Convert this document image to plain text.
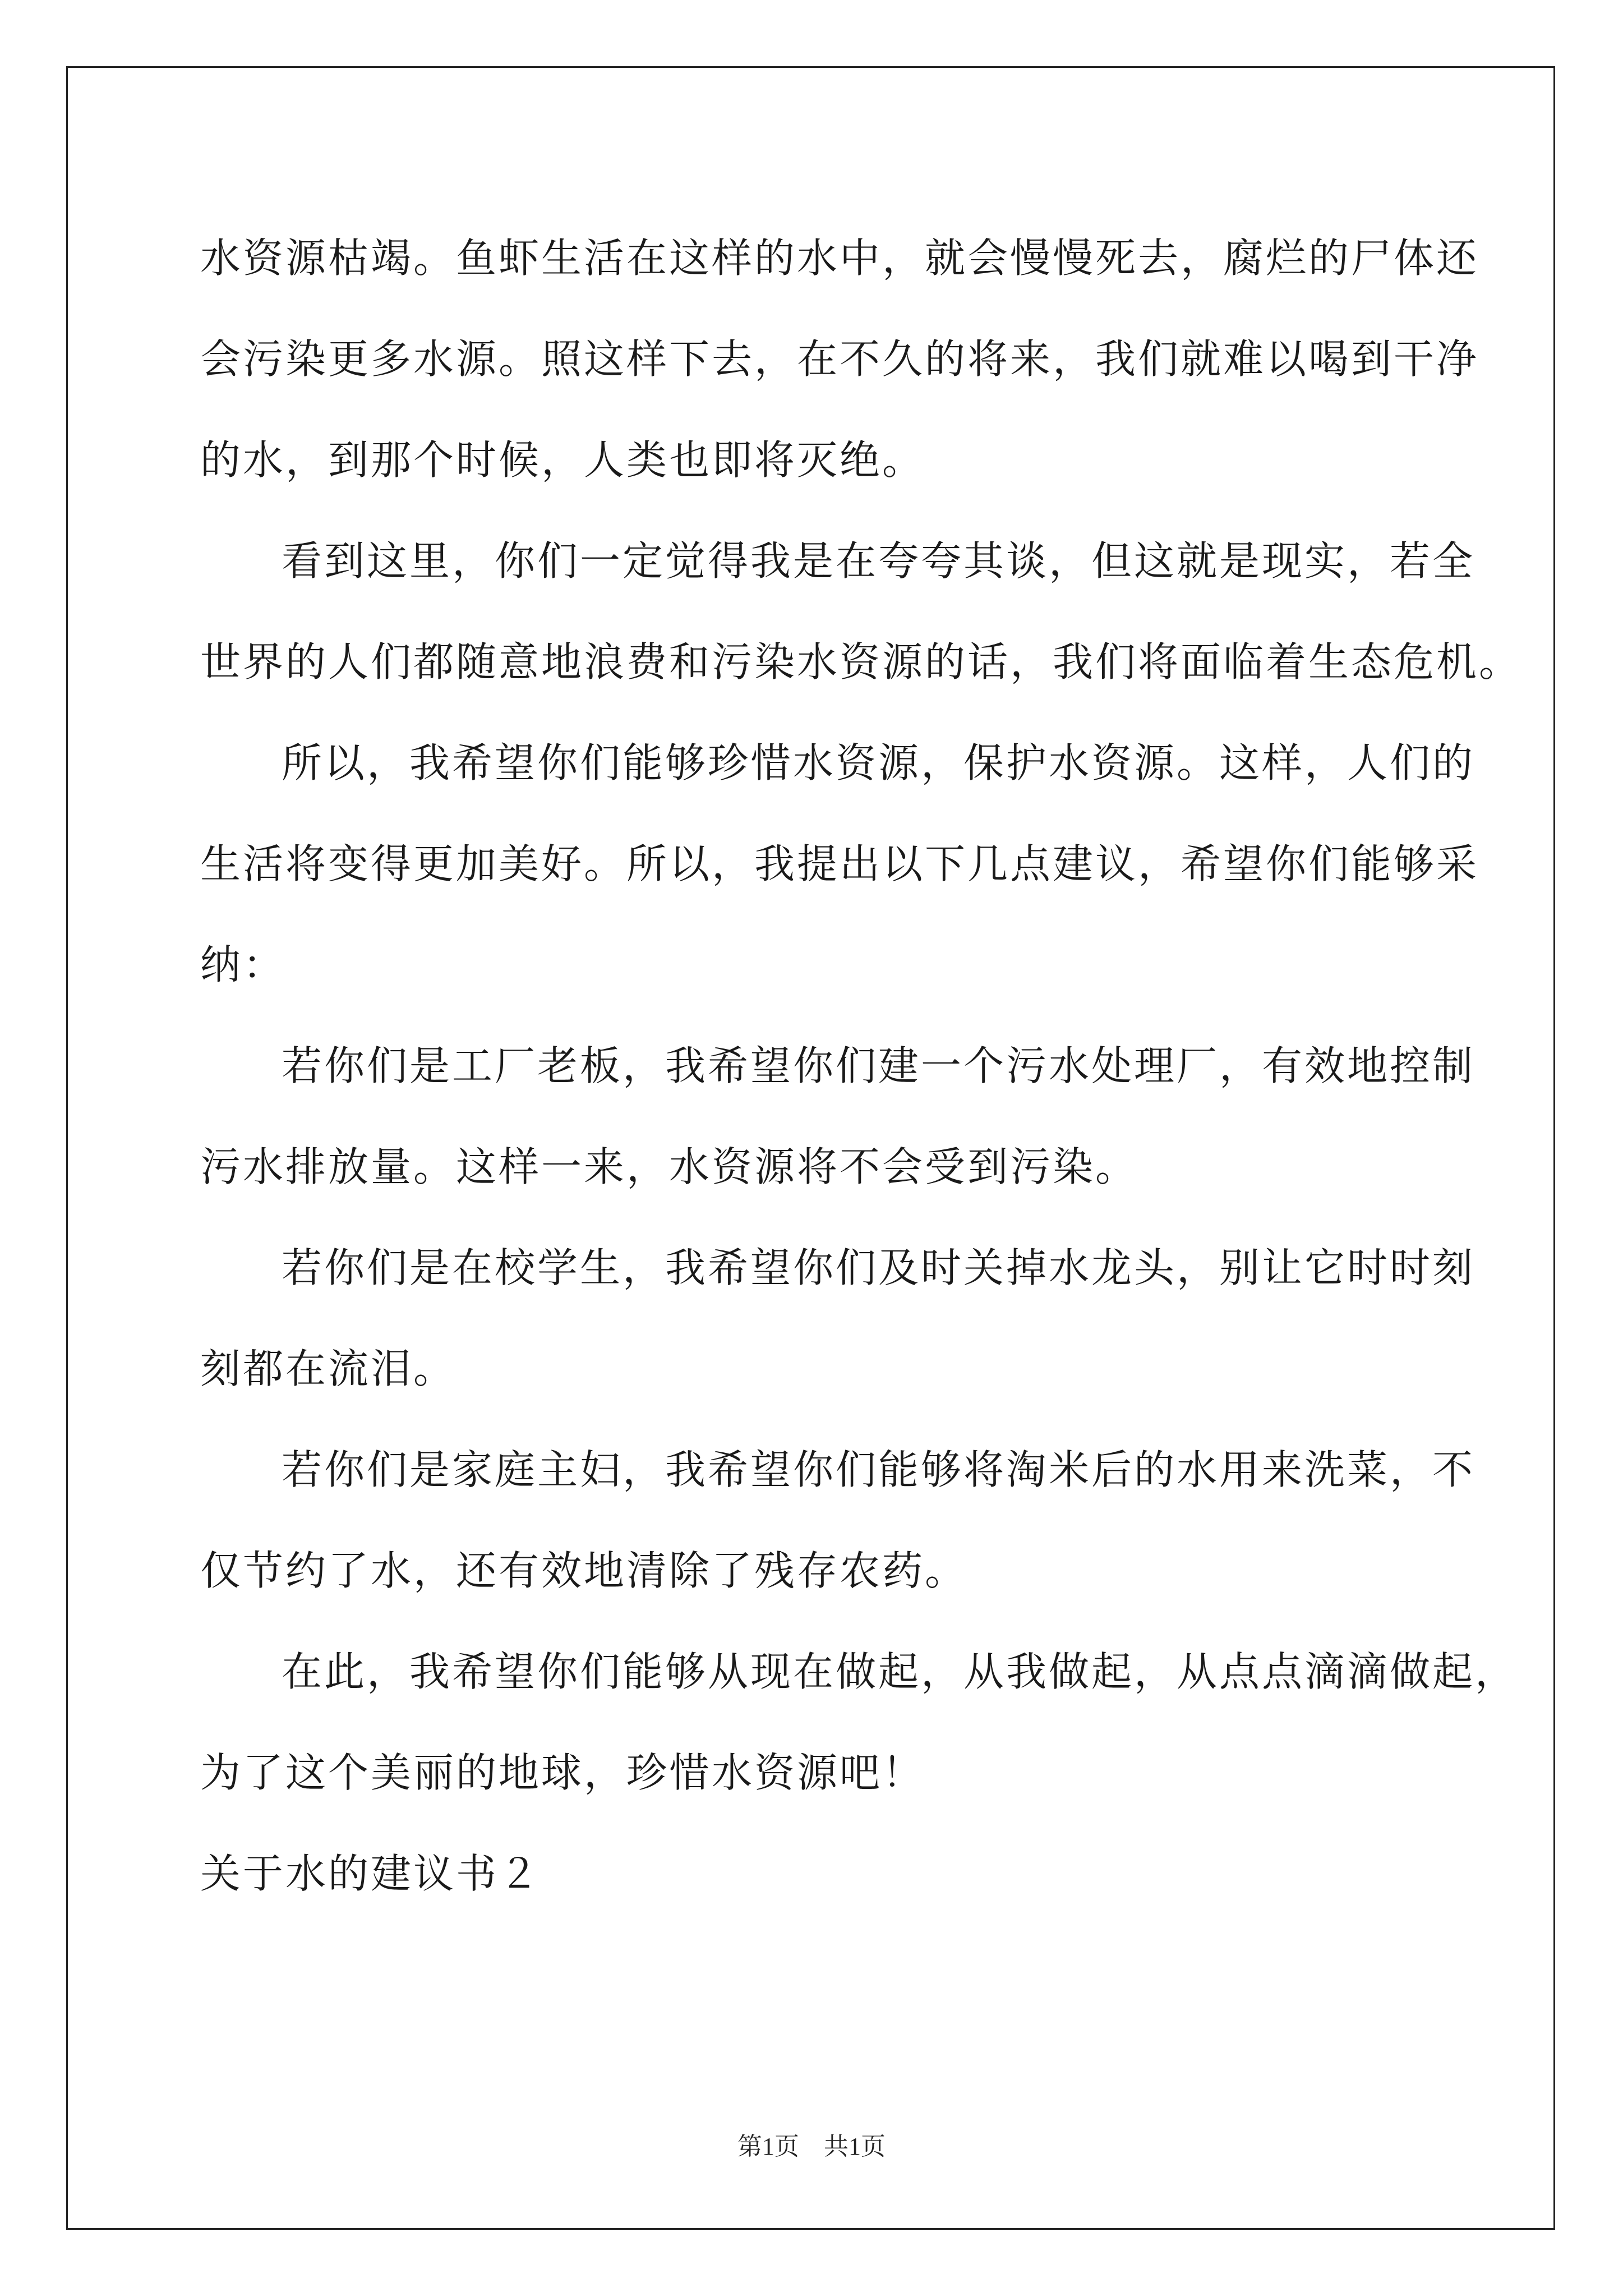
水资源枯竭。鱼虾生活在这样的水中，就会慢慢死去，腐烂的尸体还
会污染更多水源。照这样下去，在不久的将来，我们就难以喝到干净
的水，到那个时候，人类也即将灭绝。
看到这里，你们一定觉得我是在夸夸其谈，但这就是现实，若全
世界的人们都随意地浪费和污染水资源的话，我们将面临着生态危机。
所以，我希望你们能够珍惜水资源，保护水资源。这样，人们的
生活将变得更加美好。所以，我提出以下几点建议，希望你们能够采
纳：
若你们是工厂老板，我希望你们建一个污水处理厂，有效地控制
污水排放量。这样一来，水资源将不会受到污染。
若你们是在校学生，我希望你们及时关掉水龙头，别让它时时刻
刻都在流泪。
若你们是家庭主妇，我希望你们能够将淘米后的水用来洗菜，不
仅节约了水，还有效地清除了残存农药。
在此，我希望你们能够从现在做起，从我做起，从点点滴滴做起，
为了这个美丽的地球，珍惜水资源吧！
关于水的建议书２
第1页　共1页
